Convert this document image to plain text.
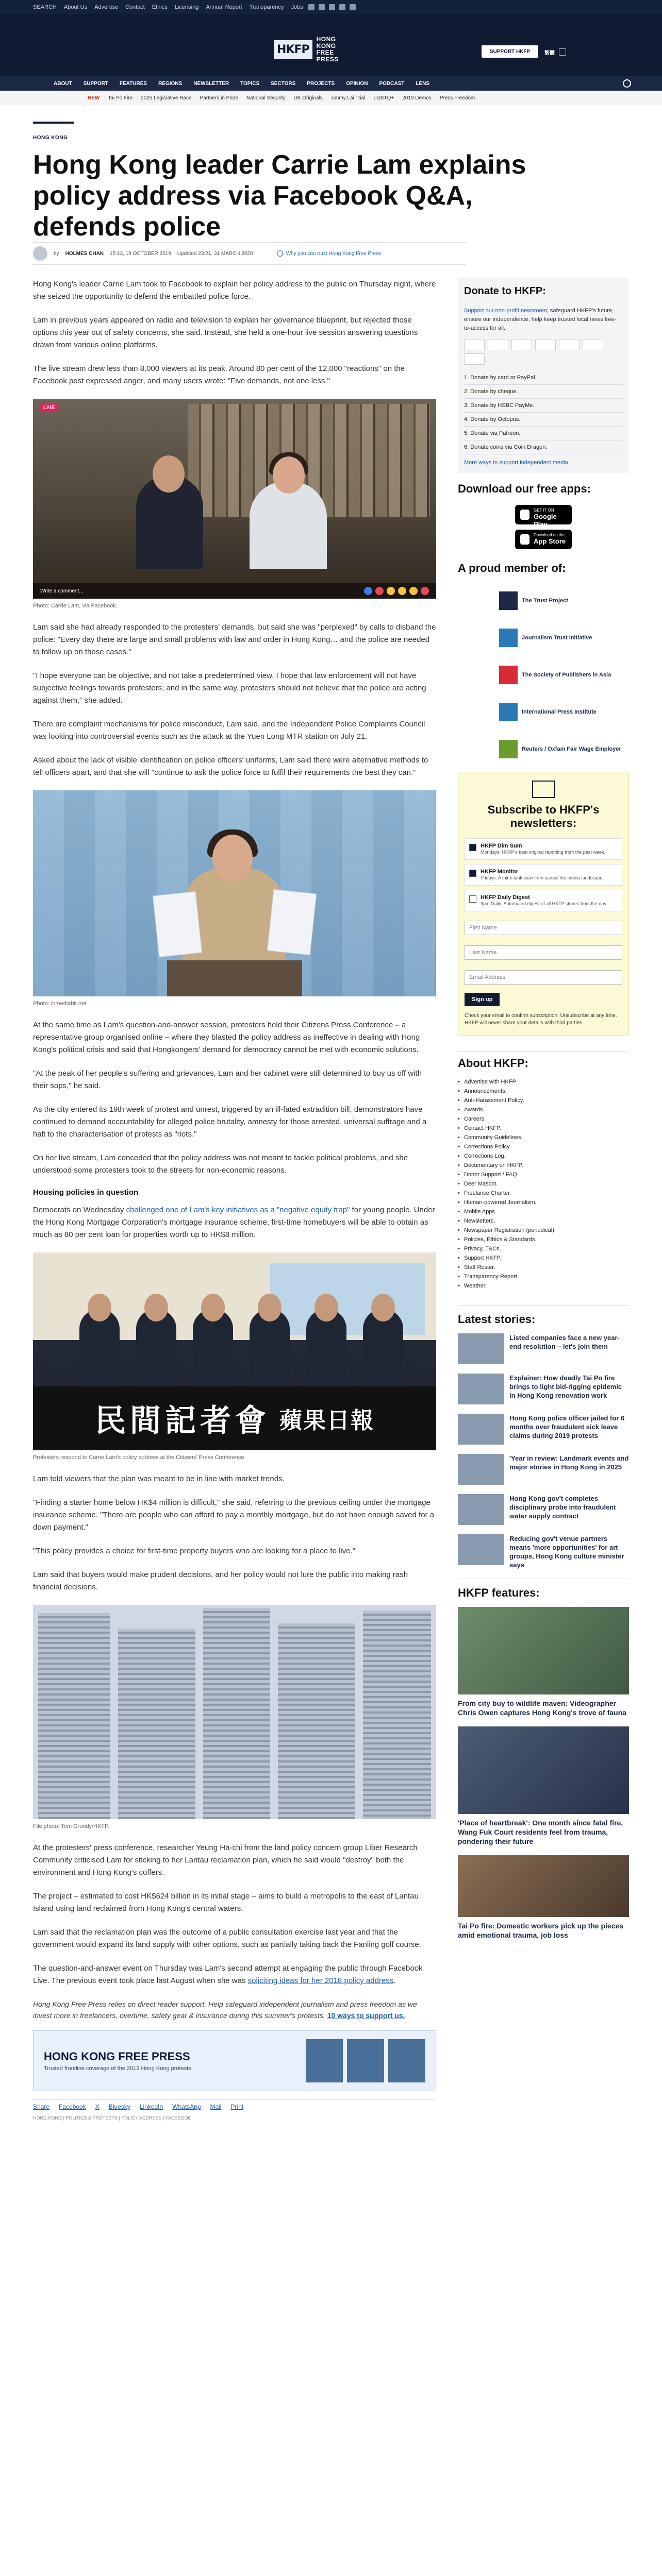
SEARCH About Us Advertise Contact Ethics Licensing Annual Report Transparency Jobs
HKFP
HONG KONG
FREE PRESS
SUPPORT HKFP	繁體
ABOUT SUPPORT FEATURES REGIONS NEWSLETTER TOPICS SECTORS PROJECTS OPINION PODCAST LENS
NEW Tai Po Fire 2025 Legislative Race Partners in Pride National Security UK Originals Jimmy Lai Trial LGBTQ+ 2019 Demos Press Freedom
HONG KONG
Hong Kong leader Carrie Lam explains policy address via Facebook Q&A, defends police
by HOLMES CHAN 15:13, 19 OCTOBER 2019 Updated 23:21, 31 MARCH 2020	Why you can trust Hong Kong Free Press

Hong Kong's leader Carrie Lam took to Facebook to explain her policy address to the public on Thursday night, where she seized the opportunity to defend the embattled police force.

Lam in previous years appeared on radio and television to explain her governance blueprint, but rejected those options this year out of safety concerns, she said. Instead, she held a one-hour live session answering questions drawn from various online platforms.

The live stream drew less than 8,000 viewers at its peak. Around 80 per cent of the 12,000 "reactions" on the Facebook post expressed anger, and many users wrote: "Five demands, not one less."

LIVE
Write a comment...
Photo: Carrie Lam, via Facebook.

Lam said she had already responded to the protesters' demands, but said she was "perplexed" by calls to disband the police: "Every day there are large and small problems with law and order in Hong Kong… and the police are needed to follow up on those cases."

"I hope everyone can be objective, and not take a predetermined view. I hope that law enforcement will not have subjective feelings towards protesters; and in the same way, protesters should not believe that the police are acting against them," she added.

There are complaint mechanisms for police misconduct, Lam said, and the Independent Police Complaints Council was looking into controversial events such as the attack at the Yuen Long MTR station on July 21.

Asked about the lack of visible identification on police officers' uniforms, Lam said there were alternative methods to tell officers apart, and that she will "continue to ask the police force to fulfil their requirements the best they can."

Photo: inmediahk.net.

At the same time as Lam's question-and-answer session, protesters held their Citizens Press Conference – a representative group organised online – where they blasted the policy address as ineffective in dealing with Hong Kong's political crisis and said that Hongkongers' demand for democracy cannot be met with economic solutions.

"At the peak of her people's suffering and grievances, Lam and her cabinet were still determined to buy us off with their sops," he said.

As the city entered its 19th week of protest and unrest, triggered by an ill-fated extradition bill, demonstrators have continued to demand accountability for alleged police brutality, amnesty for those arrested, universal suffrage and a halt to the characterisation of protests as "riots."

On her live stream, Lam conceded that the policy address was not meant to tackle political problems, and she understood some protesters took to the streets for non-economic reasons.

Housing policies in question

Democrats on Wednesday challenged one of Lam's key initiatives as a "negative equity trap" for young people. Under the Hong Kong Mortgage Corporation's mortgage insurance scheme, first-time homebuyers will be able to obtain as much as 80 per cent loan for properties worth up to HK$8 million.

民間記者會 蘋果日報
Protesters respond to Carrie Lam's policy address at the Citizens' Press Conference.

Lam told viewers that the plan was meant to be in line with market trends.

"Finding a starter home below HK$4 million is difficult," she said, referring to the previous ceiling under the mortgage insurance scheme. "There are people who can afford to pay a monthly mortgage, but do not have enough saved for a down payment."

"This policy provides a choice for first-time property buyers who are looking for a place to live."

Lam said that buyers would make prudent decisions, and her policy would not lure the public into making rash financial decisions.

File photo: Tom Grundy/HKFP.

At the protesters' press conference, researcher Yeung Ha-chi from the land policy concern group Liber Research Community criticised Lam for sticking to her Lantau reclamation plan, which he said would "destroy" both the environment and Hong Kong's coffers.

The project – estimated to cost HK$624 billion in its initial stage – aims to build a metropolis to the east of Lantau Island using land reclaimed from Hong Kong's central waters.

Lam said that the reclamation plan was the outcome of a public consultation exercise last year and that the government would expand its land supply with other options, such as partially taking back the Fanling golf course.

The question-and-answer event on Thursday was Lam's second attempt at engaging the public through Facebook Live. The previous event took place last August when she was soliciting ideas for her 2018 policy address.

Hong Kong Free Press relies on direct reader support. Help safeguard independent journalism and press freedom as we invest more in freelancers, overtime, safety gear & insurance during this summer's protests. 10 ways to support us.
HONG KONG FREE PRESS
Trusted frontline coverage of the 2019 Hong Kong protests
Share Facebook X Bluesky LinkedIn WhatsApp Mail Print
HONG KONG | POLITICS & PROTESTS | POLICY ADDRESS | FACEBOOK
Donate to HKFP:

Support our non-profit newsroom; safeguard HKFP's future, ensure our independence, help keep trusted local news free-to-access for all.

1. Donate by card or PayPal.
2. Donate by cheque.
3. Donate by HSBC PayMe.
4. Donate by Octopus.
5. Donate via Patreon.
6. Donate coins via Coin Dragon.
More ways to support independent media.
Download our free apps:
GET IT ON
Google Play
Download on the
App Store
A proud member of:
The Trust Project
Journalism Trust Initiative
The Society of Publishers in Asia
International Press Institute
Reuters / Oxfam Fair Wage Employer
Subscribe to HKFP's newsletters:
HKFP Dim Sum
Mondays: HKFP's best original reporting from the past week.
HKFP Monitor
Fridays: A think-tank view from across the media landscape.
HKFP Daily Digest
9pm Daily: Automated digest of all HKFP stories from the day.
First Name Last Name Email Address Sign up
Check your email to confirm subscription. Unsubscribe at any time. HKFP will never share your details with third parties.
About HKFP:
• Advertise with HKFP.
• Announcements.
• Anti-Harassment Policy.
• Awards.
• Careers.
• Contact HKFP.
• Community Guidelines.
• Corrections Policy.
• Corrections Log.
• Documentary on HKFP.
• Donor Support / FAQ.
• Deer Mascot.
• Freelance Charter.
• Human-powered Journalism.
• Mobile Apps.
• Newsletters.
• Newspaper Registration (periodical).
• Policies, Ethics & Standards.
• Privacy, T&Cs.
• Support HKFP.
• Staff Roster.
• Transparency Report.
• Weather.
Latest stories:
Listed companies face a new year-end resolution – let's join them
Explainer: How deadly Tai Po fire brings to light bid-rigging epidemic in Hong Kong renovation work
Hong Kong police officer jailed for 6 months over fraudulent sick leave claims during 2019 protests
'Year in review: Landmark events and major stories in Hong Kong in 2025
Hong Kong gov't completes disciplinary probe into fraudulent water supply contract
Reducing gov't venue partners means 'more opportunities' for art groups, Hong Kong culture minister says
HKFP features:
From city buy to wildlife maven: Videographer Chris Owen captures Hong Kong's trove of fauna
'Place of heartbreak': One month since fatal fire, Wang Fuk Court residents feel from trauma, pondering their future
Tai Po fire: Domestic workers pick up the pieces amid emotional trauma, job loss
